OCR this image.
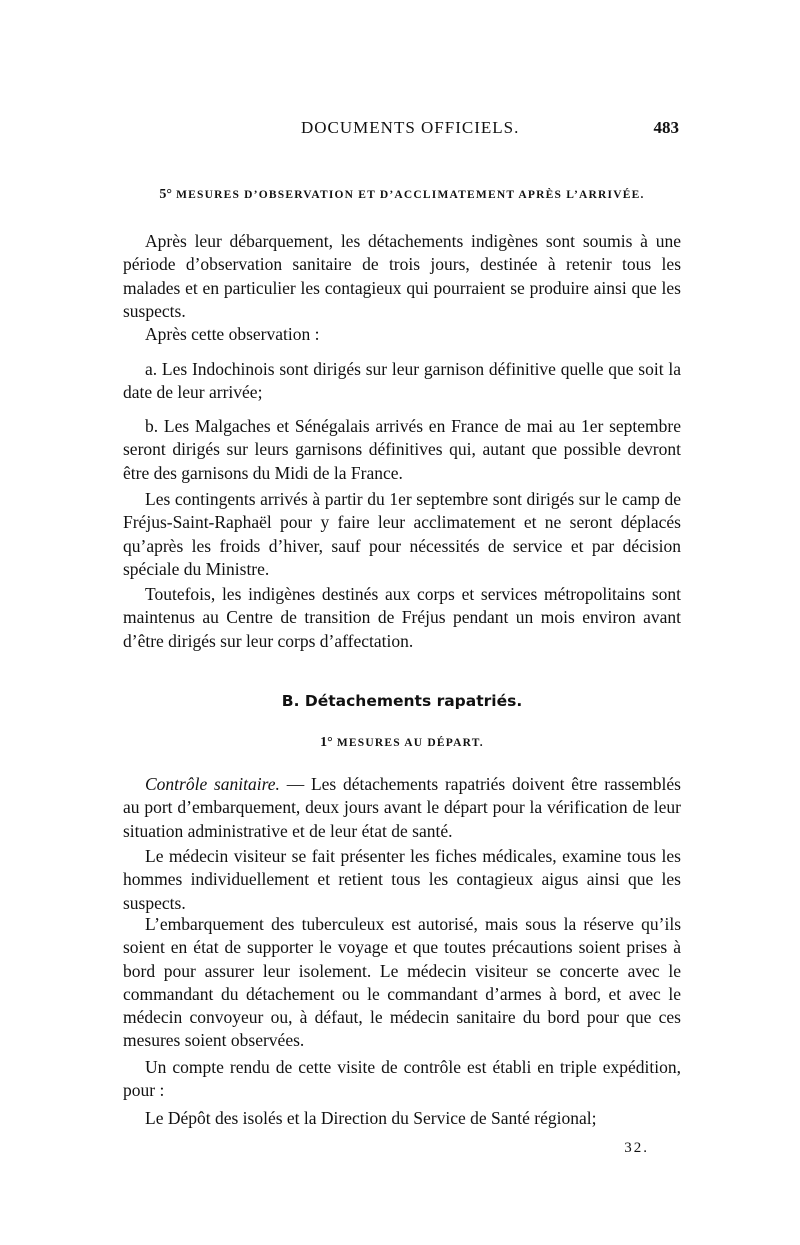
DOCUMENTS OFFICIELS.	483
5° MESURES D’OBSERVATION ET D’ACCLIMATEMENT APRÈS L’ARRIVÉE.

Après leur débarquement, les détachements indigènes sont soumis à une période d’observation sanitaire de trois jours, destinée à retenir tous les malades et en particulier les contagieux qui pourraient se produire ainsi que les suspects.

Après cette observation :

a. Les Indochinois sont dirigés sur leur garnison définitive quelle que soit la date de leur arrivée;

b. Les Malgaches et Sénégalais arrivés en France de mai au 1er septembre seront dirigés sur leurs garnisons définitives qui, autant que possible devront être des garnisons du Midi de la France.

Les contingents arrivés à partir du 1er septembre sont dirigés sur le camp de Fréjus-Saint-Raphaël pour y faire leur acclimatement et ne seront déplacés qu’après les froids d’hiver, sauf pour nécessités de service et par décision spéciale du Ministre.

Toutefois, les indigènes destinés aux corps et services métropolitains sont maintenus au Centre de transition de Fréjus pendant un mois environ avant d’être dirigés sur leur corps d’affectation.

B. Détachements rapatriés.
1° MESURES AU DÉPART.

Contrôle sanitaire. — Les détachements rapatriés doivent être rassemblés au port d’embarquement, deux jours avant le départ pour la vérification de leur situation administrative et de leur état de santé.

Le médecin visiteur se fait présenter les fiches médicales, examine tous les hommes individuellement et retient tous les contagieux aigus ainsi que les suspects.

L’embarquement des tuberculeux est autorisé, mais sous la réserve qu’ils soient en état de supporter le voyage et que toutes précautions soient prises à bord pour assurer leur isolement. Le médecin visiteur se concerte avec le commandant du détachement ou le commandant d’armes à bord, et avec le médecin convoyeur ou, à défaut, le médecin sanitaire du bord pour que ces mesures soient observées.

Un compte rendu de cette visite de contrôle est établi en triple expédition, pour :

Le Dépôt des isolés et la Direction du Service de Santé régional;

32.
